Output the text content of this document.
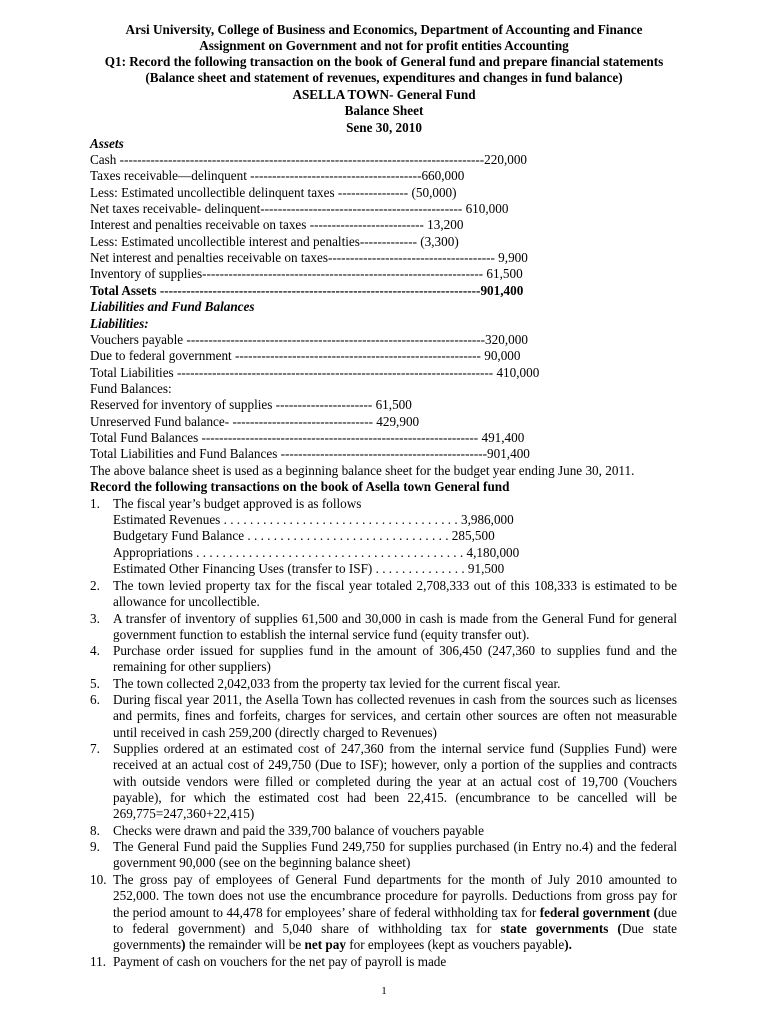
Arsi University, College of Business and Economics, Department of Accounting and Finance
Assignment on Government and not for profit entities Accounting
Q1: Record the following transaction on the book of General fund and prepare financial statements
(Balance sheet and statement of revenues, expenditures and changes in fund balance)
ASELLA TOWN- General Fund
Balance Sheet
Sene 30, 2010
Assets
Cash -----------------------------------------------------------------------------------220,000
Taxes receivable—delinquent ---------------------------------------660,000
Less: Estimated uncollectible delinquent taxes ---------------- (50,000)
Net taxes receivable- delinquent---------------------------------------------- 610,000
Interest and penalties receivable on taxes -------------------------- 13,200
Less: Estimated uncollectible interest and penalties------------- (3,300)
Net interest and penalties receivable on taxes-------------------------------------- 9,900
Inventory of supplies---------------------------------------------------------------- 61,500
Total Assets -------------------------------------------------------------------------901,400
Liabilities and Fund Balances
Liabilities:
Vouchers payable --------------------------------------------------------------------320,000
Due to federal government -------------------------------------------------------- 90,000
Total Liabilities ------------------------------------------------------------------------ 410,000
Fund Balances:
Reserved for inventory of supplies ---------------------- 61,500
Unreserved Fund balance- -------------------------------- 429,900
Total Fund Balances --------------------------------------------------------------- 491,400
Total Liabilities and Fund Balances -----------------------------------------------901,400
The above balance sheet is used as a beginning balance sheet for the budget year ending June 30, 2011.
Record the following transactions on the book of Asella town General fund
1. The fiscal year’s budget approved is as follows
Estimated Revenues . . . . . . . . . . . . . . . . . . . . . . . . . . . . . . . . . . . . 3,986,000
Budgetary Fund Balance . . . . . . . . . . . . . . . . . . . . . . . . . . . . . . . 285,500
Appropriations . . . . . . . . . . . . . . . . . . . . . . . . . . . . . . . . . . . . . . . . . 4,180,000
Estimated Other Financing Uses (transfer to ISF) . . . . . . . . . . . . . . 91,500
2. The town levied property tax for the fiscal year totaled 2,708,333 out of this 108,333 is estimated to be allowance for uncollectible.
3. A transfer of inventory of supplies 61,500 and 30,000 in cash is made from the General Fund for general government function to establish the internal service fund (equity transfer out).
4. Purchase order issued for supplies fund in the amount of 306,450 (247,360 to supplies fund and the remaining for other suppliers)
5. The town collected 2,042,033 from the property tax levied for the current fiscal year.
6. During fiscal year 2011, the Asella Town has collected revenues in cash from the sources such as licenses and permits, fines and forfeits, charges for services, and certain other sources are often not measurable until received in cash 259,200 (directly charged to Revenues)
7. Supplies ordered at an estimated cost of 247,360 from the internal service fund (Supplies Fund) were received at an actual cost of 249,750 (Due to ISF); however, only a portion of the supplies and contracts with outside vendors were filled or completed during the year at an actual cost of 19,700 (Vouchers payable), for which the estimated cost had been 22,415. (encumbrance to be cancelled will be 269,775=247,360+22,415)
8. Checks were drawn and paid the 339,700 balance of vouchers payable
9. The General Fund paid the Supplies Fund 249,750 for supplies purchased (in Entry no.4) and the federal government 90,000 (see on the beginning balance sheet)
10. The gross pay of employees of General Fund departments for the month of July 2010 amounted to 252,000. The town does not use the encumbrance procedure for payrolls. Deductions from gross pay for the period amount to 44,478 for employees’ share of federal withholding tax for federal government (due to federal government) and 5,040 share of withholding tax for state governments (Due state governments) the remainder will be net pay for employees (kept as vouchers payable).
11. Payment of cash on vouchers for the net pay of payroll is made
1
